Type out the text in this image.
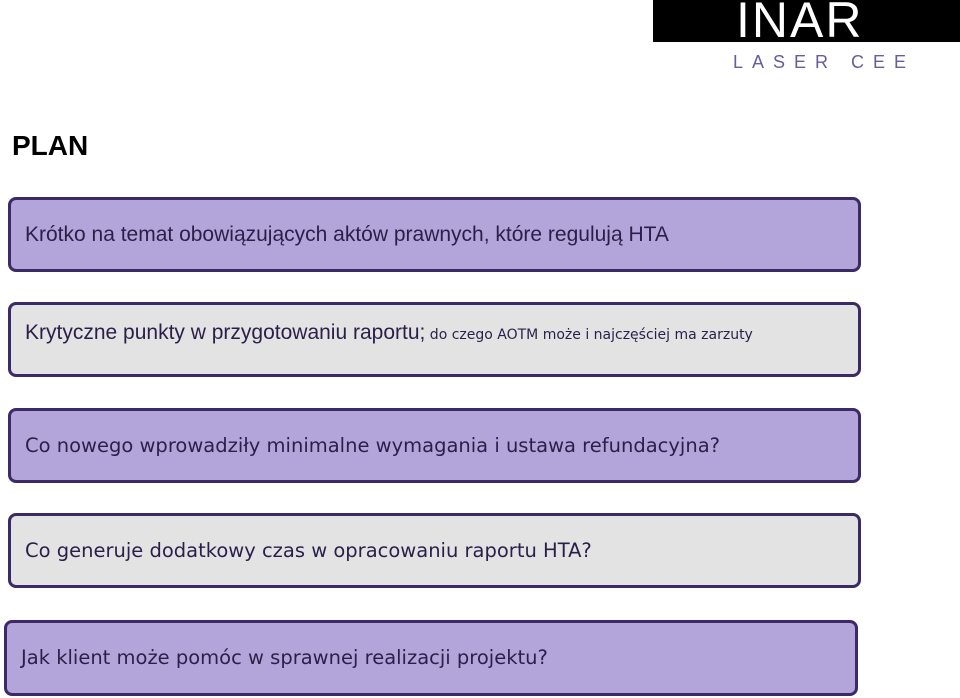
INAR
LASER CEE
PLAN
Krótko na temat obowiązujących aktów prawnych, które regulują HTA
Krytyczne punkty w przygotowaniu raportu; do czego AOTM może i najczęściej ma zarzuty
Co nowego wprowadziły minimalne wymagania i ustawa refundacyjna?
Co generuje dodatkowy czas w opracowaniu raportu HTA?
Jak klient może pomóc w sprawnej realizacji projektu?
